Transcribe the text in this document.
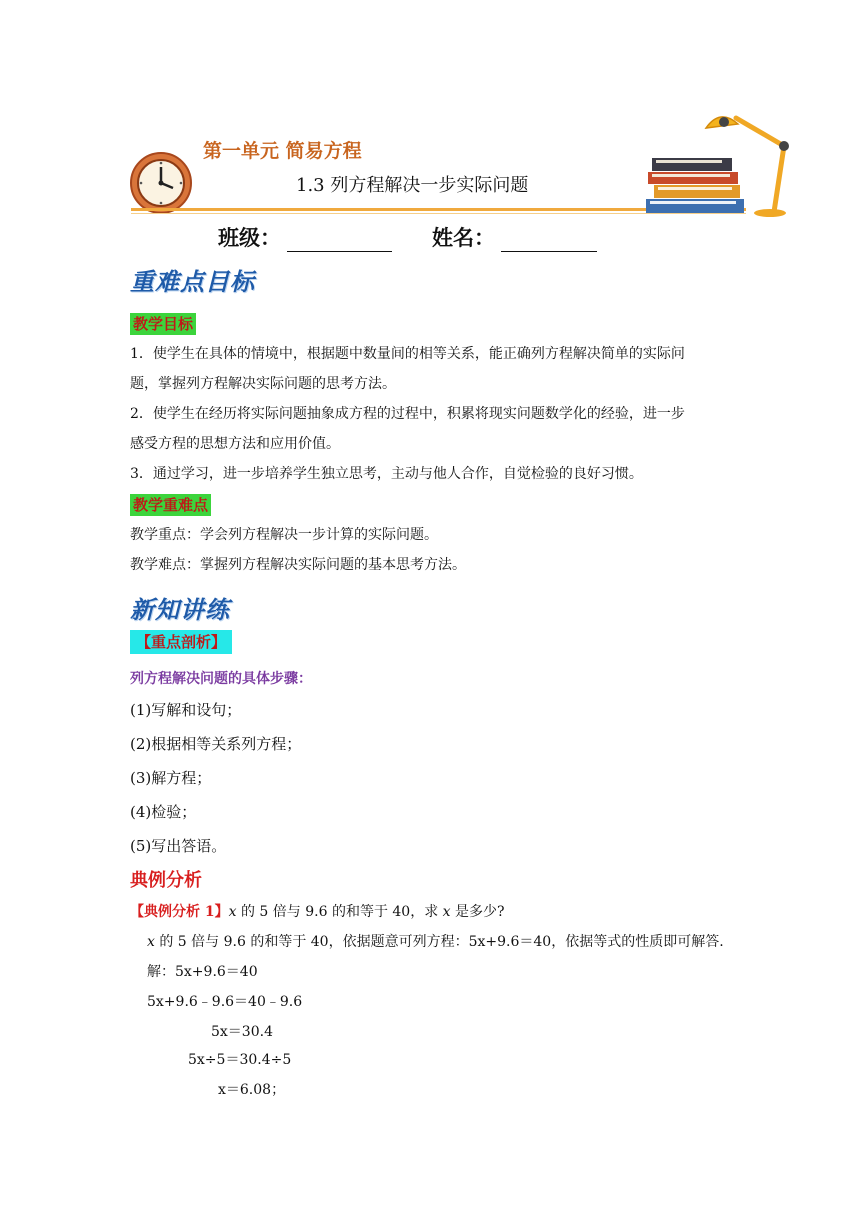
第一单元 简易方程
1.3 列方程解决一步实际问题
班级：	姓名：
重难点目标
教学目标
1．使学生在具体的情境中，根据题中数量间的相等关系，能正确列方程解决简单的实际问
题，掌握列方程解决实际问题的思考方法。
2．使学生在经历将实际问题抽象成方程的过程中，积累将现实问题数学化的经验，进一步
感受方程的思想方法和应用价值。
3．通过学习，进一步培养学生独立思考，主动与他人合作，自觉检验的良好习惯。
教学重难点
教学重点：学会列方程解决一步计算的实际问题。
教学难点：掌握列方程解决实际问题的基本思考方法。
新知讲练
【重点剖析】
列方程解决问题的具体步骤：
(1)写解和设句；
(2)根据相等关系列方程；
(3)解方程；
(4)检验；
(5)写出答语。
典例分析
【典例分析 1】x 的 5 倍与 9.6 的和等于 40，求 x 是多少?
x 的 5 倍与 9.6 的和等于 40，依据题意可列方程：5x+9.6＝40，依据等式的性质即可解答.
解：5x+9.6＝40
5x+9.6﹣9.6＝40﹣9.6
5x＝30.4
5x÷5＝30.4÷5
x＝6.08；
